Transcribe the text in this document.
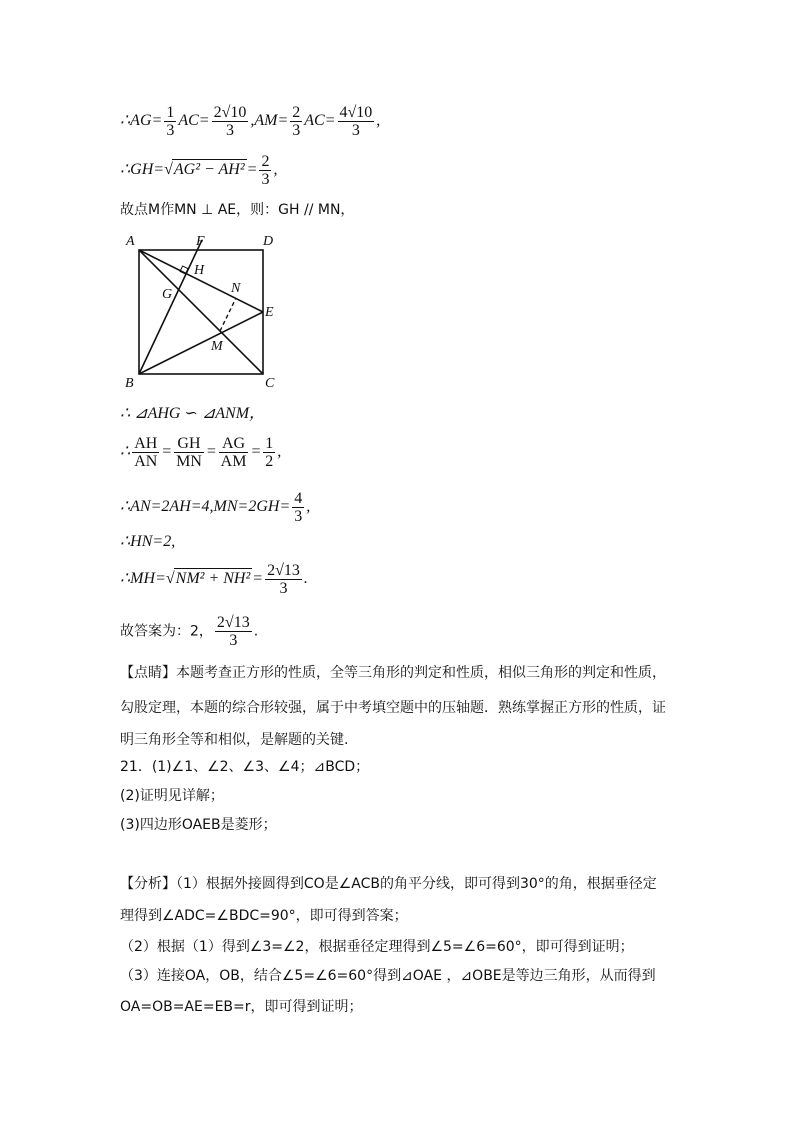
∴AG= $\frac{1}{3} AC= \frac{2√10}{3} ,AM= \frac{2}{3} AC= \frac{4√10}{3}$ ,
∴GH=√AG² − $AH^2 = \frac{2}{3}$ ,
故点M作MN ⊥ AE，则：GH // MN，
A	F	D
H
G	N
E
M
B	C
∴ ⊿AHG ∽ ⊿ANM，
∴ $\frac{AH}{AN} = \frac{GH}{MN} = \frac{AG}{AM} = \frac{1}{2}$ ,
∴AN=2AH=4,MN=2GH= $\frac{4}{3}$ ,
∴HN=2,
∴MH=√NM² + $NH^2 = \frac{2√13}{3}$ .
故答案为：2， $\frac{2√13}{3}$ .
【点睛】本题考查正方形的性质，全等三角形的判定和性质，相似三角形的判定和性质，
勾股定理，本题的综合形较强，属于中考填空题中的压轴题．熟练掌握正方形的性质，证
明三角形全等和相似，是解题的关键.
21．(1)∠1、∠2、∠3、∠4；⊿BCD；
(2)证明见详解；
(3)四边形OAEB是菱形；
【分析】（1）根据外接圆得到CO是∠ACB的角平分线，即可得到30°的角，根据垂径定
理得到∠ADC=∠BDC=90°，即可得到答案；
（2）根据（1）得到∠3=∠2，根据垂径定理得到∠5=∠6=60°，即可得到证明；
（3）连接OA，OB，结合∠5=∠6=60°得到⊿OAE ，⊿OBE是等边三角形，从而得到
OA=OB=AE=EB=r，即可得到证明；
